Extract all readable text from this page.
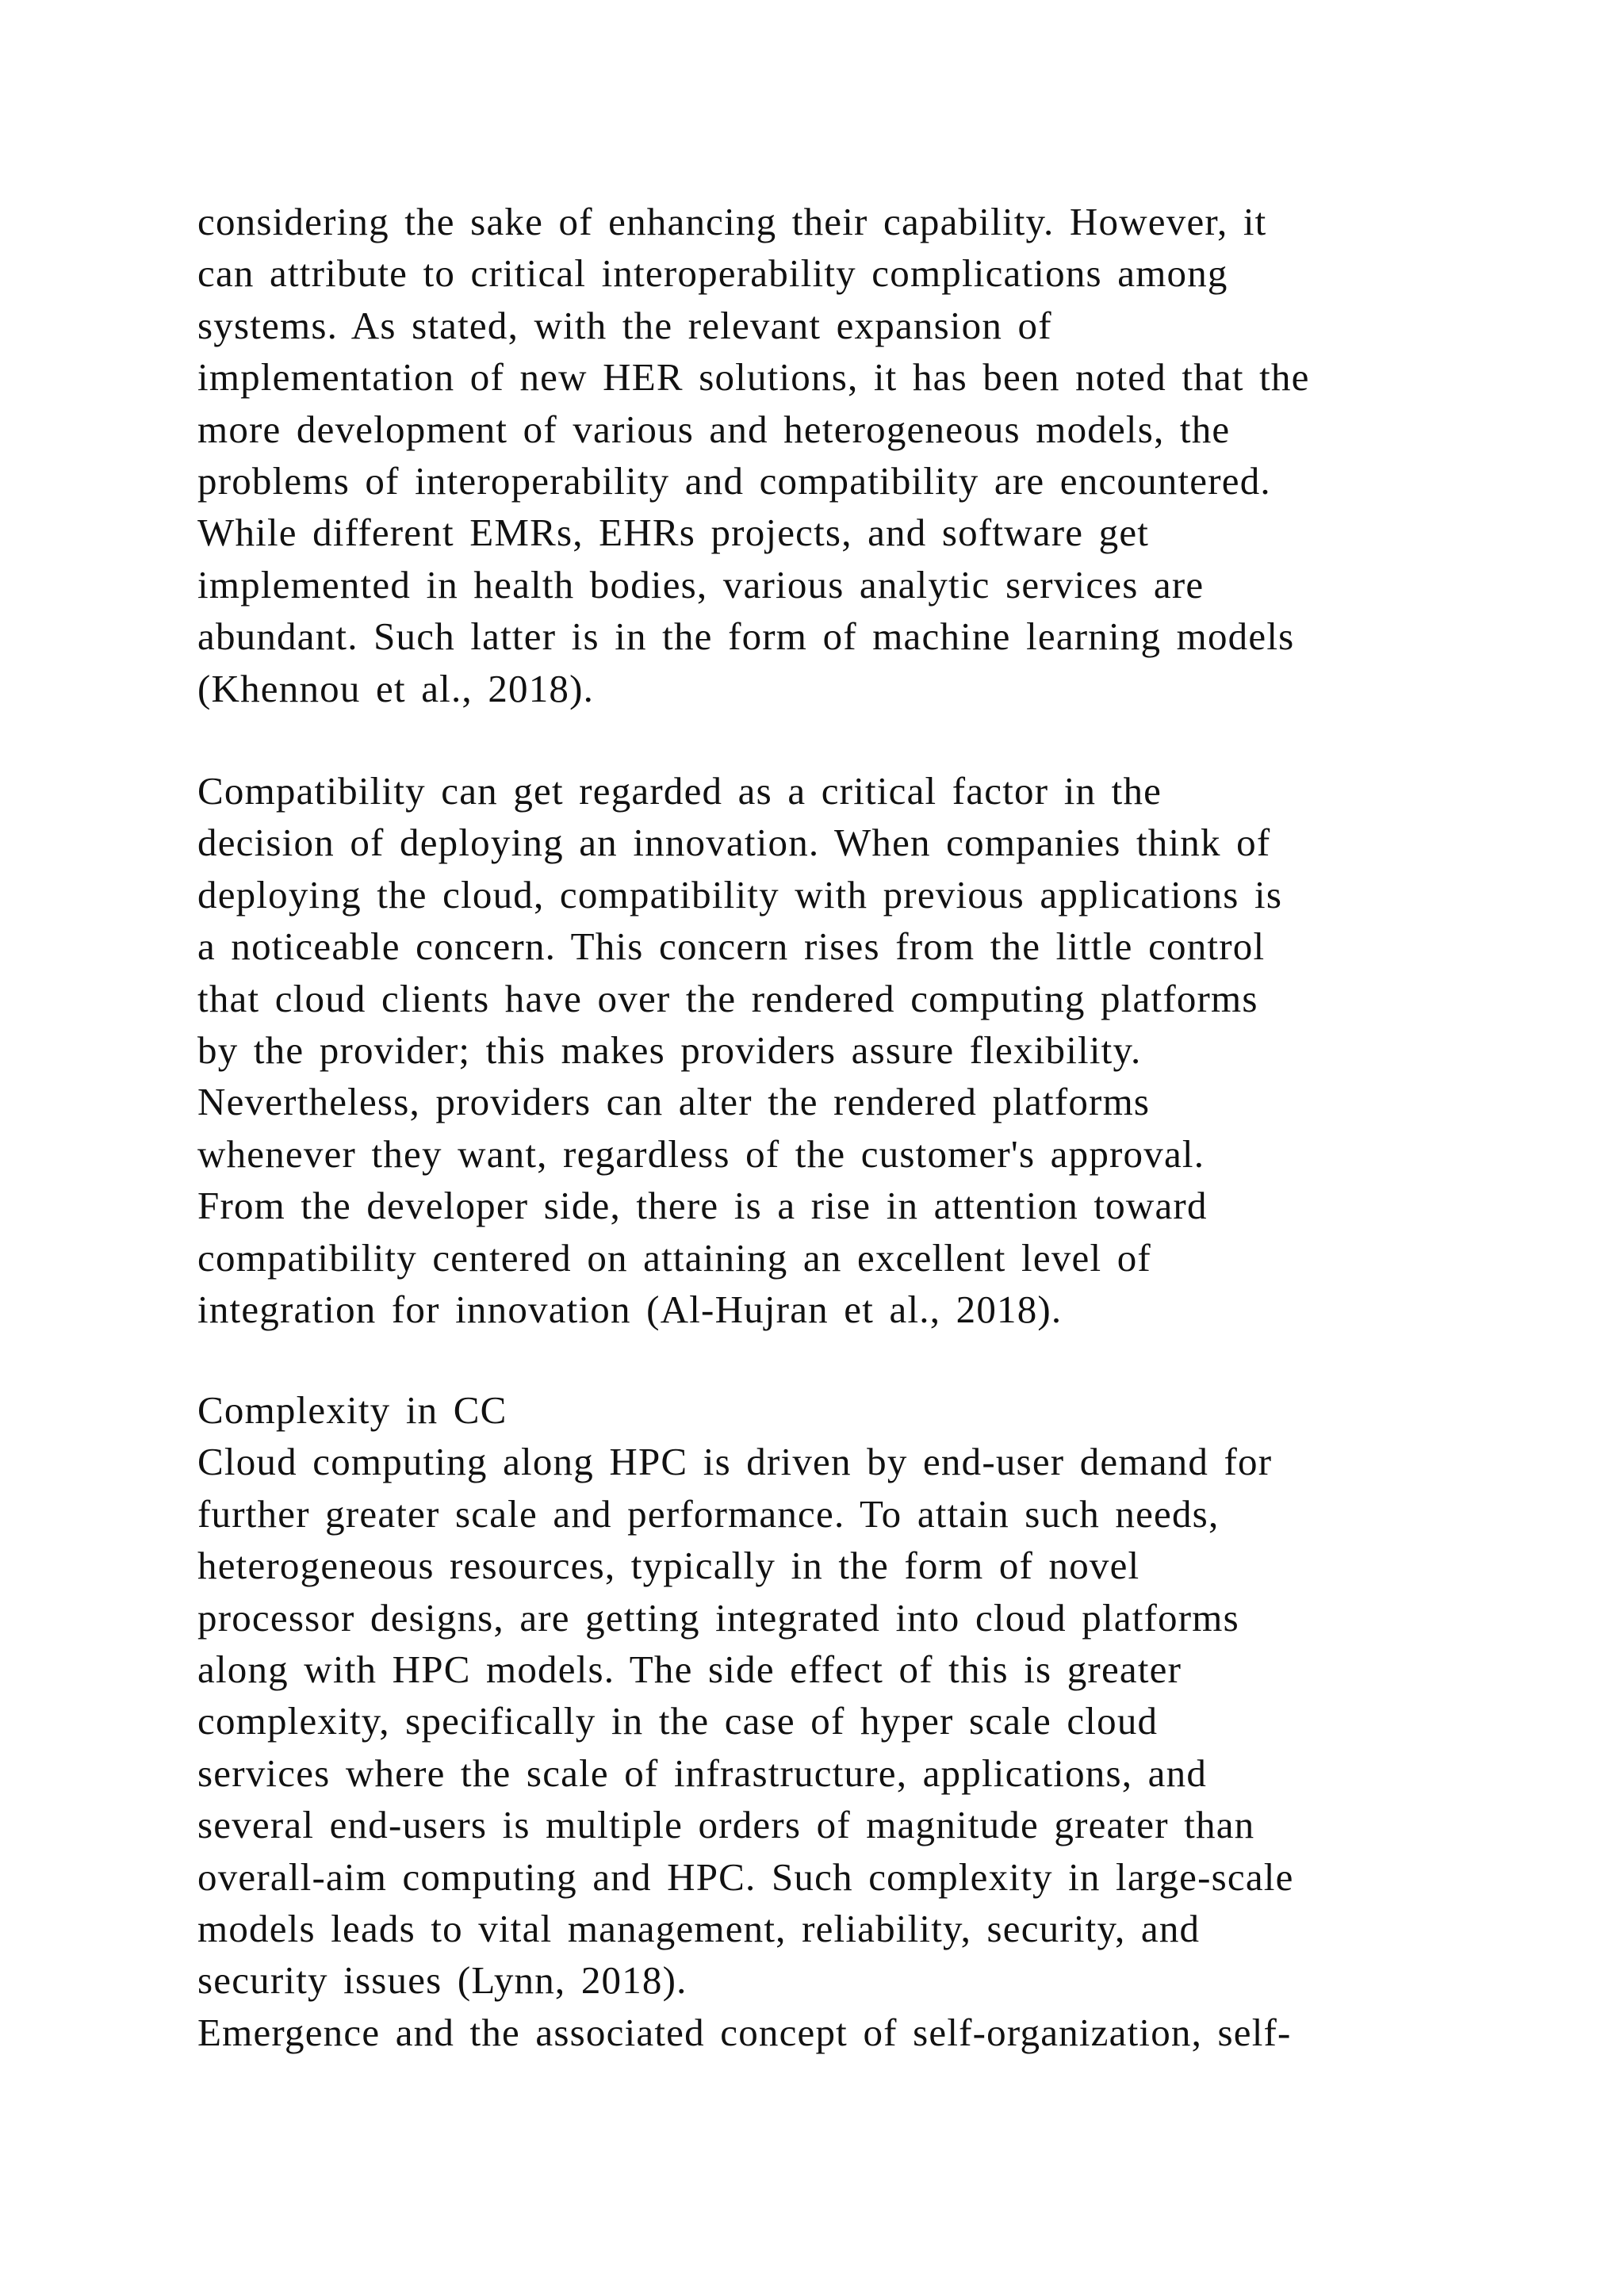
considering the sake of enhancing their capability. However, it
can attribute to critical interoperability complications among
systems. As stated, with the relevant expansion of
implementation of new HER solutions, it has been noted that the
more development of various and heterogeneous models, the
problems of interoperability and compatibility are encountered.
While different EMRs, EHRs projects, and software get
implemented in health bodies, various analytic services are
abundant. Such latter is in the form of machine learning models
(Khennou et al., 2018).
Compatibility can get regarded as a critical factor in the
decision of deploying an innovation. When companies think of
deploying the cloud, compatibility with previous applications is
a noticeable concern. This concern rises from the little control
that cloud clients have over the rendered computing platforms
by the provider; this makes providers assure flexibility.
Nevertheless, providers can alter the rendered platforms
whenever they want, regardless of the customer's approval.
From the developer side, there is a rise in attention toward
compatibility centered on attaining an excellent level of
integration for innovation (Al-Hujran et al., 2018).
Complexity in CC
Cloud computing along HPC is driven by end-user demand for
further greater scale and performance. To attain such needs,
heterogeneous resources, typically in the form of novel
processor designs, are getting integrated into cloud platforms
along with HPC models. The side effect of this is greater
complexity, specifically in the case of hyper scale cloud
services where the scale of infrastructure, applications, and
several end-users is multiple orders of magnitude greater than
overall-aim computing and HPC. Such complexity in large-scale
models leads to vital management, reliability, security, and
security issues (Lynn, 2018).
Emergence and the associated concept of self-organization, self-
